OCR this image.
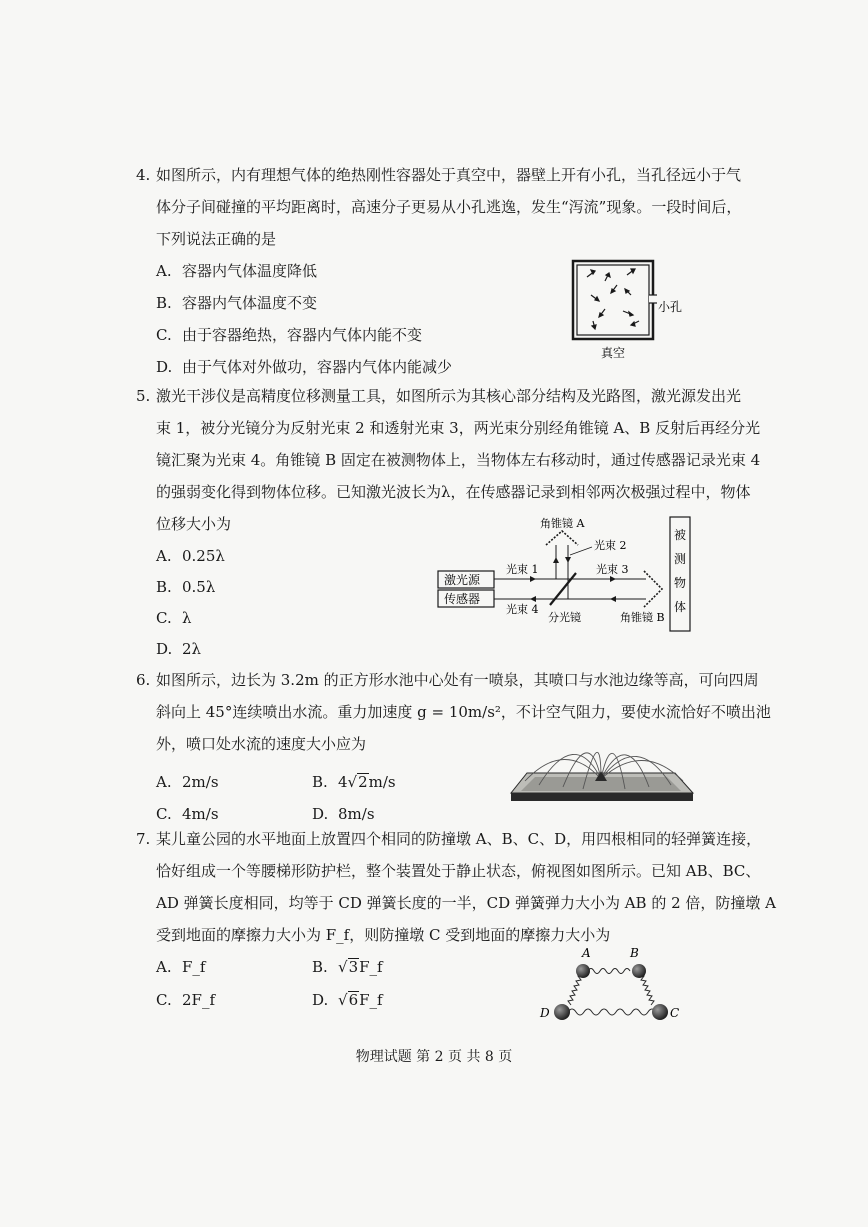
4. 如图所示，内有理想气体的绝热刚性容器处于真空中，器壁上开有小孔，当孔径远小于气
体分子间碰撞的平均距离时，高速分子更易从小孔逃逸，发生“泻流”现象。一段时间后，
下列说法正确的是
A. 容器内气体温度降低
B. 容器内气体温度不变
C. 由于容器绝热，容器内气体内能不变
D. 由于气体对外做功，容器内气体内能减少
小孔
真空
5. 激光干涉仪是高精度位移测量工具，如图所示为其核心部分结构及光路图，激光源发出光
束 1，被分光镜分为反射光束 2 和透射光束 3，两光束分别经角锥镜 A、B 反射后再经分光
镜汇聚为光束 4。角锥镜 B 固定在被测物体上，当物体左右移动时，通过传感器记录光束 4
的强弱变化得到物体位移。已知激光波长为λ，在传感器记录到相邻两次极强过程中，物体
位移大小为
A. 0.25λ
B. 0.5λ
C. λ
D. 2λ
激光源
传感器
光束 1	光束 3
光束 4
分光镜
角锥镜 A
光束 2
角锥镜 B
被
测
物
体
6. 如图所示，边长为 3.2m 的正方形水池中心处有一喷泉，其喷口与水池边缘等高，可向四周
斜向上 45°连续喷出水流。重力加速度 g = 10m/s²，不计空气阻力，要使水流恰好不喷出池
外，喷口处水流的速度大小应为
A. 2m/s	B. 4√2m/s
C. 4m/s	D. 8m/s
7. 某儿童公园的水平地面上放置四个相同的防撞墩 A、B、C、D，用四根相同的轻弹簧连接，
恰好组成一个等腰梯形防护栏，整个装置处于静止状态，俯视图如图所示。已知 AB、BC、
AD 弹簧长度相同，均等于 CD 弹簧长度的一半，CD 弹簧弹力大小为 AB 的 2 倍，防撞墩 A
受到地面的摩擦力大小为 F_f，则防撞墩 C 受到地面的摩擦力大小为
A. F_f	B. √3F_f
C. 2F_f	D. √6F_f
A	B
D	C
物理试题 第 2 页 共 8 页
